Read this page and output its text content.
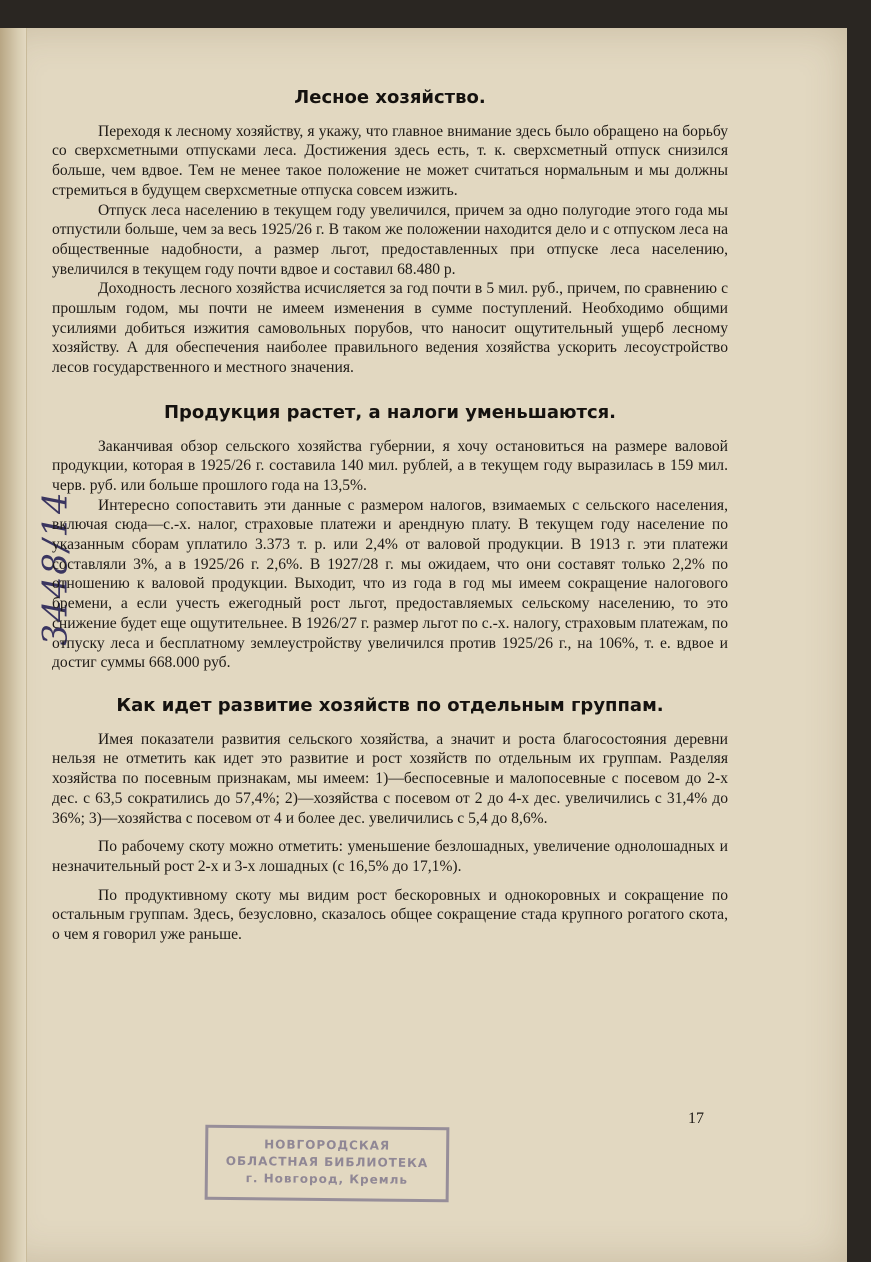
3448/14
Лесное хозяйство.

Переходя к лесному хозяйству, я укажу, что главное внимание здесь было обращено на борьбу со сверхсметными отпусками леса. Достижения здесь есть, т. к. сверхсметный отпуск снизился больше, чем вдвое. Тем не менее такое положение не может считаться нормальным и мы должны стремиться в будущем сверхсметные отпуска совсем изжить.

Отпуск леса населению в текущем году увеличился, причем за одно полугодие этого года мы отпустили больше, чем за весь 1925/26 г. В таком же положении находится дело и с отпуском леса на общественные надобности, а размер льгот, предоставленных при отпуске леса населению, увеличился в текущем году почти вдвое и составил 68.480 р.

Доходность лесного хозяйства исчисляется за год почти в 5 мил. руб., причем, по сравнению с прошлым годом, мы почти не имеем изменения в сумме поступлений. Необходимо общими усилиями добиться изжития самовольных порубов, что наносит ощутительный ущерб лесному хозяйству. А для обеспечения наиболее правильного ведения хозяйства ускорить лесоустройство лесов государственного и местного значения.

Продукция растет, а налоги уменьшаются.

Заканчивая обзор сельского хозяйства губернии, я хочу остановиться на размере валовой продукции, которая в 1925/26 г. составила 140 мил. рублей, а в текущем году выразилась в 159 мил. черв. руб. или больше прошлого года на 13,5%.

Интересно сопоставить эти данные с размером налогов, взимаемых с сельского населения, включая сюда—с.-х. налог, страховые платежи и арендную плату. В текущем году население по указанным сборам уплатило 3.373 т. р. или 2,4% от валовой продукции. В 1913 г. эти платежи составляли 3%, а в 1925/26 г. 2,6%. В 1927/28 г. мы ожидаем, что они составят только 2,2% по отношению к валовой продукции. Выходит, что из года в год мы имеем сокращение налогового бремени, а если учесть ежегодный рост льгот, предоставляемых сельскому населению, то это снижение будет еще ощутительнее. В 1926/27 г. размер льгот по с.-х. налогу, страховым платежам, по отпуску леса и бесплатному землеустройству увеличился против 1925/26 г., на 106%, т. е. вдвое и достиг суммы 668.000 руб.

Как идет развитие хозяйств по отдельным группам.

Имея показатели развития сельского хозяйства, а значит и роста благосостояния деревни нельзя не отметить как идет это развитие и рост хозяйств по отдельным их группам. Разделяя хозяйства по посевным признакам, мы имеем: 1)—беспосевные и малопосевные с посевом до 2-х дес. с 63,5 сократились до 57,4%; 2)—хозяйства с посевом от 2 до 4-х дес. увеличились с 31,4% до 36%; 3)—хозяйства с посевом от 4 и более дес. увеличились с 5,4 до 8,6%.

По рабочему скоту можно отметить: уменьшение безлошадных, увеличение однолошадных и незначительный рост 2-х и 3-х лошадных (с 16,5% до 17,1%).

По продуктивному скоту мы видим рост бескоровных и однокоровных и сокращение по остальным группам. Здесь, безусловно, сказалось общее сокращение стада крупного рогатого скота, о чем я говорил уже раньше.

17
НОВГОРОДСКАЯ
ОБЛАСТНАЯ БИБЛИОТЕКА
г. Новгород, Кремль
